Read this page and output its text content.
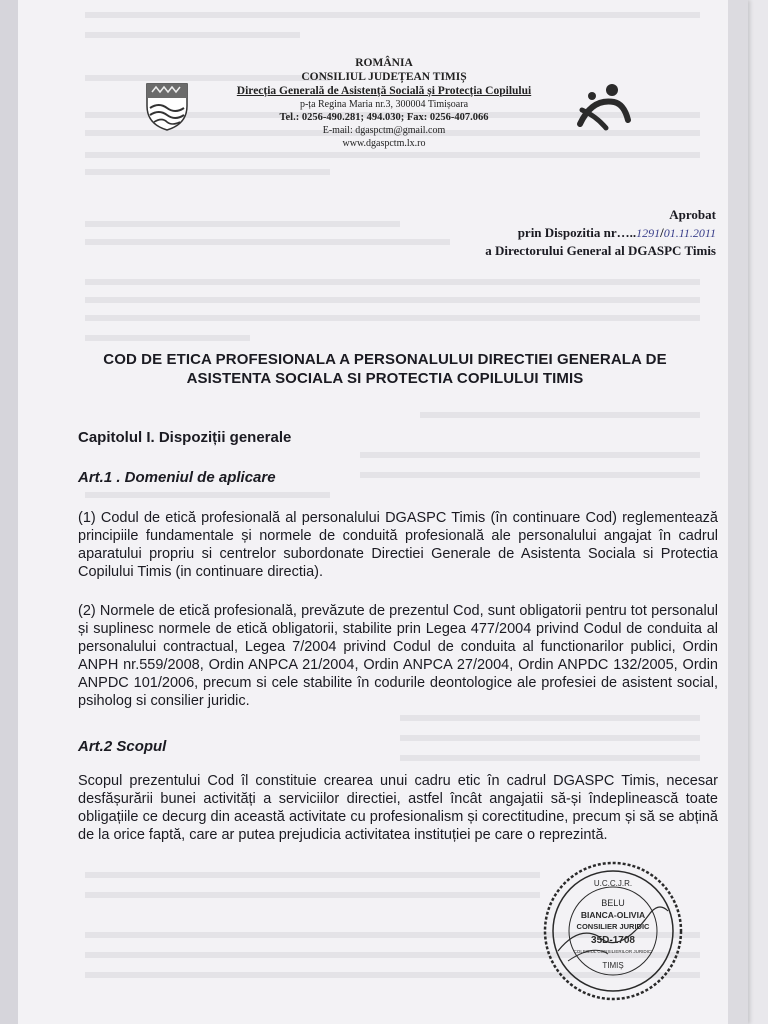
ROMÂNIA
CONSILIUL JUDEȚEAN TIMIȘ
Direcția Generală de Asistență Socială și Protecția Copilului
p-ța Regina Maria nr.3, 300004 Timișoara
Tel.: 0256-490.281; 494.030; Fax: 0256-407.066
E-mail: dgaspctm@gmail.com
www.dgaspctm.lx.ro
Aprobat
prin Dispozitia nr…..1291/01.11.2011
a Directorului General al DGASPC Timis
COD DE ETICA PROFESIONALA A PERSONALULUI DIRECTIEI GENERALA DE ASISTENTA SOCIALA SI PROTECTIA COPILULUI TIMIS
Capitolul I. Dispoziții generale
Art.1 . Domeniul de aplicare
(1) Codul de etică profesională al personalului DGASPC Timis (în continuare Cod) reglementează principiile fundamentale și normele de conduită profesională ale personalului angajat în cadrul aparatului propriu si centrelor subordonate Directiei Generale de Asistenta Sociala si Protectia Copilului Timis (in continuare directia).
(2) Normele de etică profesională, prevăzute de prezentul Cod, sunt obligatorii pentru tot personalul și suplinesc normele de etică obligatorii, stabilite prin Legea 477/2004 privind Codul de conduita al personalului contractual, Legea 7/2004 privind Codul de conduita al functionarilor publici, Ordin ANPH nr.559/2008, Ordin ANPCA 21/2004, Ordin ANPCA 27/2004, Ordin ANPDC 132/2005, Ordin ANPDC 101/2006, precum si cele stabilite în codurile deontologice ale profesiei de asistent social, psiholog si consilier juridic.
Art.2 Scopul
Scopul prezentului Cod îl constituie crearea unui cadru etic în cadrul DGASPC Timis, necesar desfășurării bunei activități a serviciilor directiei, astfel încât angajatii să-și îndeplinească toate obligațiile ce decurg din această activitate cu profesionalism și corectitudine, precum și să se abțină de la orice faptă, care ar putea prejudicia activitatea instituției pe care o reprezintă.
U.C.C.J.R.
BELU
BIANCA-OLIVIA
CONSILIER JURIDIC
35D-1708
COLEGIUL CONSILIERILOR JURIDICI
TIMIȘ
